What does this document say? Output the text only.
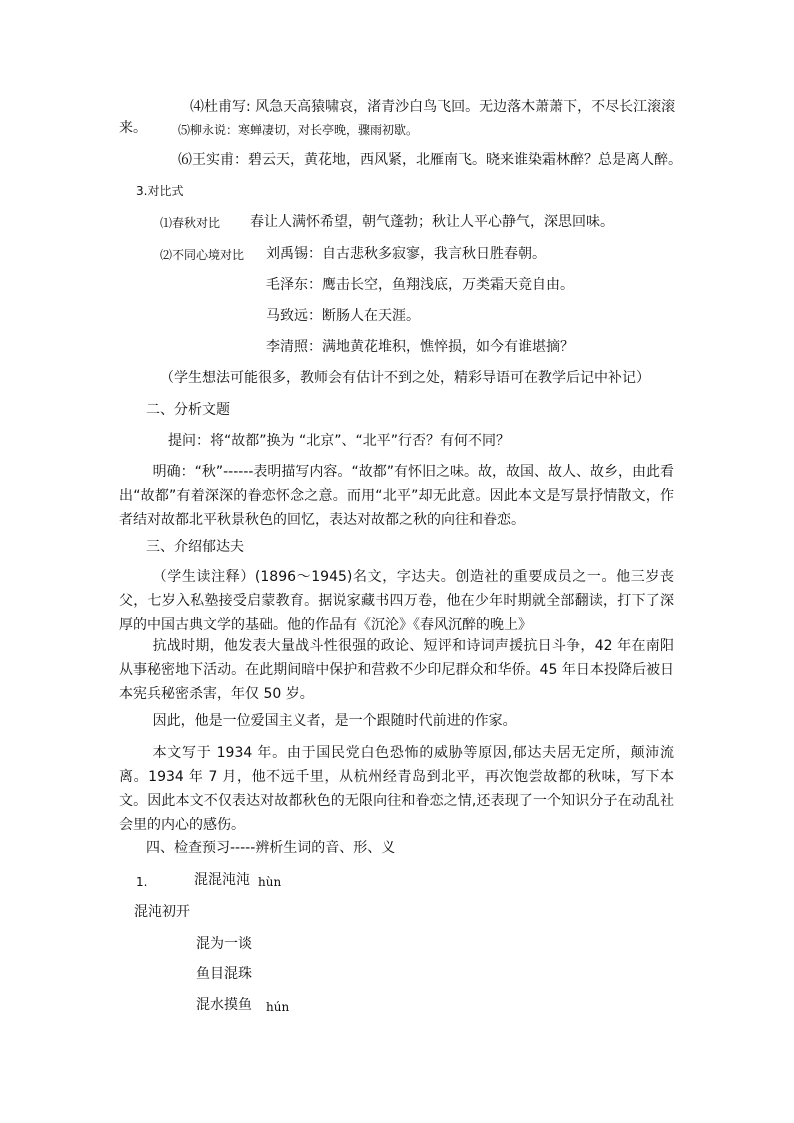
⑷杜甫写: 风急天高猿啸哀，渚青沙白鸟飞回。无边落木萧萧下，不尽长江滚滚
来。	⑸柳永说：寒蝉凄切，对长亭晚，骤雨初歇。
⑹王实甫：碧云天，黄花地，西风紧，北雁南飞。晓来谁染霜林醉？总是离人醉。
3.对比式
⑴春秋对比 春让人满怀希望，朝气蓬勃；秋让人平心静气，深思回味。
⑵不同心境对比 刘禹锡：自古悲秋多寂寥，我言秋日胜春朝。
毛泽东：鹰击长空，鱼翔浅底，万类霜天竞自由。
马致远：断肠人在天涯。
李清照：满地黄花堆积，憔悴损，如今有谁堪摘？
（学生想法可能很多，教师会有估计不到之处，精彩导语可在教学后记中补记）
二、分析文题
提问：将“故都”换为 “北京”、“北平”行否？有何不同？
明确：“秋”------表明描写内容。“故都”有怀旧之味。故，故国、故人、故乡，由此看出“故都”有着深深的眷恋怀念之意。而用“北平”却无此意。因此本文是写景抒情散文，作者结对故都北平秋景秋色的回忆，表达对故都之秋的向往和眷恋。
三、介绍郁达夫
（学生读注释）(1896～1945)名文，字达夫。创造社的重要成员之一。他三岁丧父，七岁入私塾接受启蒙教育。据说家藏书四万卷，他在少年时期就全部翻读，打下了深厚的中国古典文学的基础。他的作品有《沉沦》《春风沉醉的晚上》
抗战时期，他发表大量战斗性很强的政论、短评和诗词声援抗日斗争，42 年在南阳从事秘密地下活动。在此期间暗中保护和营救不少印尼群众和华侨。45 年日本投降后被日本宪兵秘密杀害，年仅 50 岁。
因此，他是一位爱国主义者，是一个跟随时代前进的作家。
本文写于 1934 年。由于国民党白色恐怖的威胁等原因,郁达夫居无定所，颠沛流离。1934 年 7 月，他不远千里，从杭州经青岛到北平，再次饱尝故都的秋味，写下本文。因此本文不仅表达对故都秋色的无限向往和眷恋之情,还表现了一个知识分子在动乱社会里的内心的感伤。
四、检查预习-----辨析生词的音、形、义
1.	混混沌沌 hùn
混沌初开
混为一谈
鱼目混珠
混水摸鱼 hún
